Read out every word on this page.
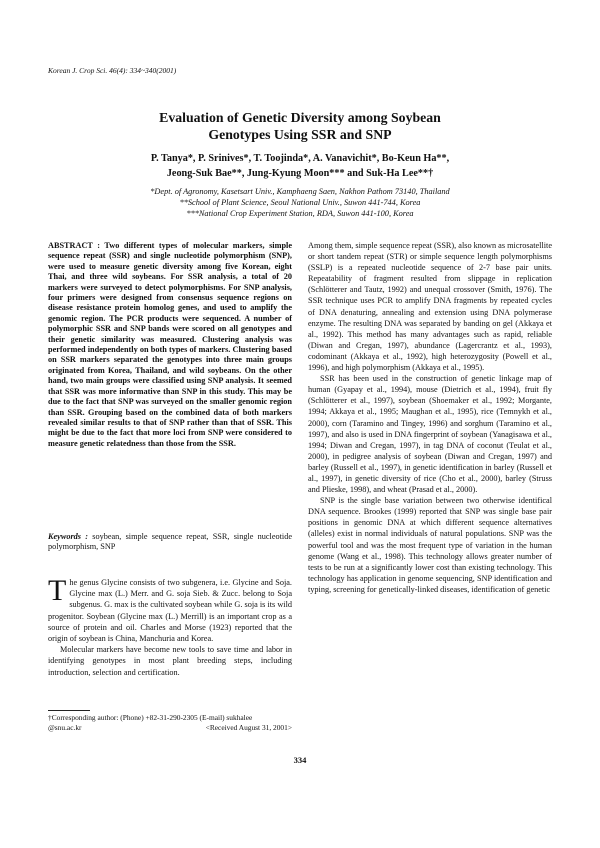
Korean J. Crop Sci. 46(4): 334~340(2001)
Evaluation of Genetic Diversity among Soybean
Genotypes Using SSR and SNP
P. Tanya*, P. Srinives*, T. Toojinda*, A. Vanavichit*, Bo-Keun Ha**,
Jeong-Suk Bae**, Jung-Kyung Moon*** and Suk-Ha Lee**†
*Dept. of Agronomy, Kasetsart Univ., Kamphaeng Saen, Nakhon Pathom 73140, Thailand
**School of Plant Science, Seoul National Univ., Suwon 441-744, Korea
***National Crop Experiment Station, RDA, Suwon 441-100, Korea
ABSTRACT : Two different types of molecular markers, simple sequence repeat (SSR) and single nucleotide polymorphism (SNP), were used to measure genetic diversity among five Korean, eight Thai, and three wild soybeans. For SSR analysis, a total of 20 markers were surveyed to detect polymorphisms. For SNP analysis, four primers were designed from consensus sequence regions on disease resistance protein homolog genes, and used to amplify the genomic region. The PCR products were sequenced. A number of polymorphic SSR and SNP bands were scored on all genotypes and their genetic similarity was measured. Clustering analysis was performed independently on both types of markers. Clustering based on SSR markers separated the genotypes into three main groups originated from Korea, Thailand, and wild soybeans. On the other hand, two main groups were classified using SNP analysis. It seemed that SSR was more informative than SNP in this study. This may be due to the fact that SNP was surveyed on the smaller genomic region than SSR. Grouping based on the combined data of both markers revealed similar results to that of SNP rather than that of SSR. This might be due to the fact that more loci from SNP were considered to measure genetic relatedness than those from the SSR.
Keywords : soybean, simple sequence repeat, SSR, single nucleotide polymorphism, SNP

The genus Glycine consists of two subgenera, i.e. Glycine and Soja. Glycine max (L.) Merr. and G. soja Sieb. & Zucc. belong to Soja subgenus. G. max is the cultivated soybean while G. soja is its wild progenitor. Soybean (Glycine max (L.) Merrill) is an important crop as a source of protein and oil. Charles and Morse (1923) reported that the origin of soybean is China, Manchuria and Korea.

Molecular markers have become new tools to save time and labor in identifying genotypes in most plant breeding steps, including introduction, selection and certification.

†Corresponding author: (Phone) +82-31-290-2305 (E-mail) sukhalee
@snu.ac.kr	<Received August 31, 2001>

Among them, simple sequence repeat (SSR), also known as microsatellite or short tandem repeat (STR) or simple sequence length polymorphisms (SSLP) is a repeated nucleotide sequence of 2-7 base pair units. Repeatability of fragment resulted from slippage in replication (Schlötterer and Tautz, 1992) and unequal crossover (Smith, 1976). The SSR technique uses PCR to amplify DNA fragments by repeated cycles of DNA denaturing, annealing and extension using DNA polymerase enzyme. The resulting DNA was separated by banding on gel (Akkaya et al., 1992). This method has many advantages such as rapid, reliable (Diwan and Cregan, 1997), abundance (Lagercrantz et al., 1993), codominant (Akkaya et al., 1992), high heterozygosity (Powell et al., 1996), and high polymorphism (Akkaya et al., 1995).

SSR has been used in the construction of genetic linkage map of human (Gyapay et al., 1994), mouse (Dietrich et al., 1994), fruit fly (Schlötterer et al., 1997), soybean (Shoemaker et al., 1992; Morgante, 1994; Akkaya et al., 1995; Maughan et al., 1995), rice (Temnykh et al., 2000), corn (Taramino and Tingey, 1996) and sorghum (Taramino et al., 1997), and also is used in DNA fingerprint of soybean (Yanagisawa et al., 1994; Diwan and Cregan, 1997), in tag DNA of coconut (Teulat et al., 2000), in pedigree analysis of soybean (Diwan and Cregan, 1997) and barley (Russell et al., 1997), in genetic identification in barley (Russell et al., 1997), in genetic diversity of rice (Cho et al., 2000), barley (Struss and Plieske, 1998), and wheat (Prasad et al., 2000).

SNP is the single base variation between two otherwise identifical DNA sequence. Brookes (1999) reported that SNP was single base pair positions in genomic DNA at which different sequence alternatives (alleles) exist in normal individuals of natural populations. SNP was the powerful tool and was the most frequent type of variation in the human genome (Wang et al., 1998). This technology allows greater number of tests to be run at a significantly lower cost than existing technology. This technology has application in genome sequencing, SNP identification and typing, screening for genetically-linked diseases, identification of genetic

334
